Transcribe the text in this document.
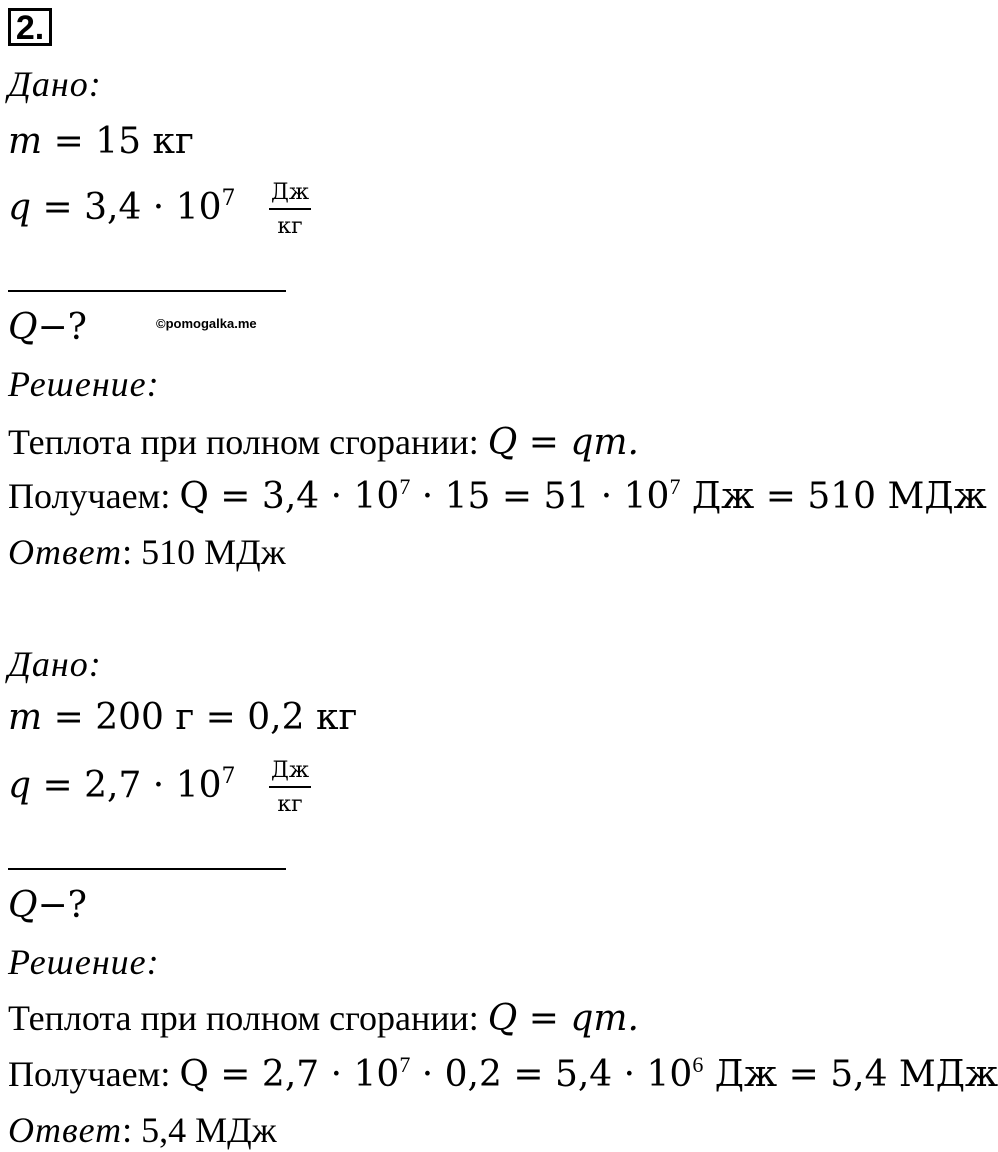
2.
Дано:
m = 15 кг
$q = 3,4 \cdot 10^7 \frac{Дж}{кг}$
Q−?	©pomogalka.me
Решение:
Теплота при полном сгорании: Q = qm.
Получаем: $Q = 3,4 \cdot 10^7 \cdot 15 = 51 \cdot 10^7$ Дж = 510 МДж
Ответ: 510 МДж
Дано:
m = 200 г = 0,2 кг
$q = 2,7 \cdot 10^7 \frac{Дж}{кг}$
Q−?
Решение:
Теплота при полном сгорании: Q = qm.
Получаем: $Q = 2,7 \cdot 10^7 \cdot 0,2 = 5,4 \cdot 10^6$ Дж = 5,4 МДж
Ответ: 5,4 МДж
